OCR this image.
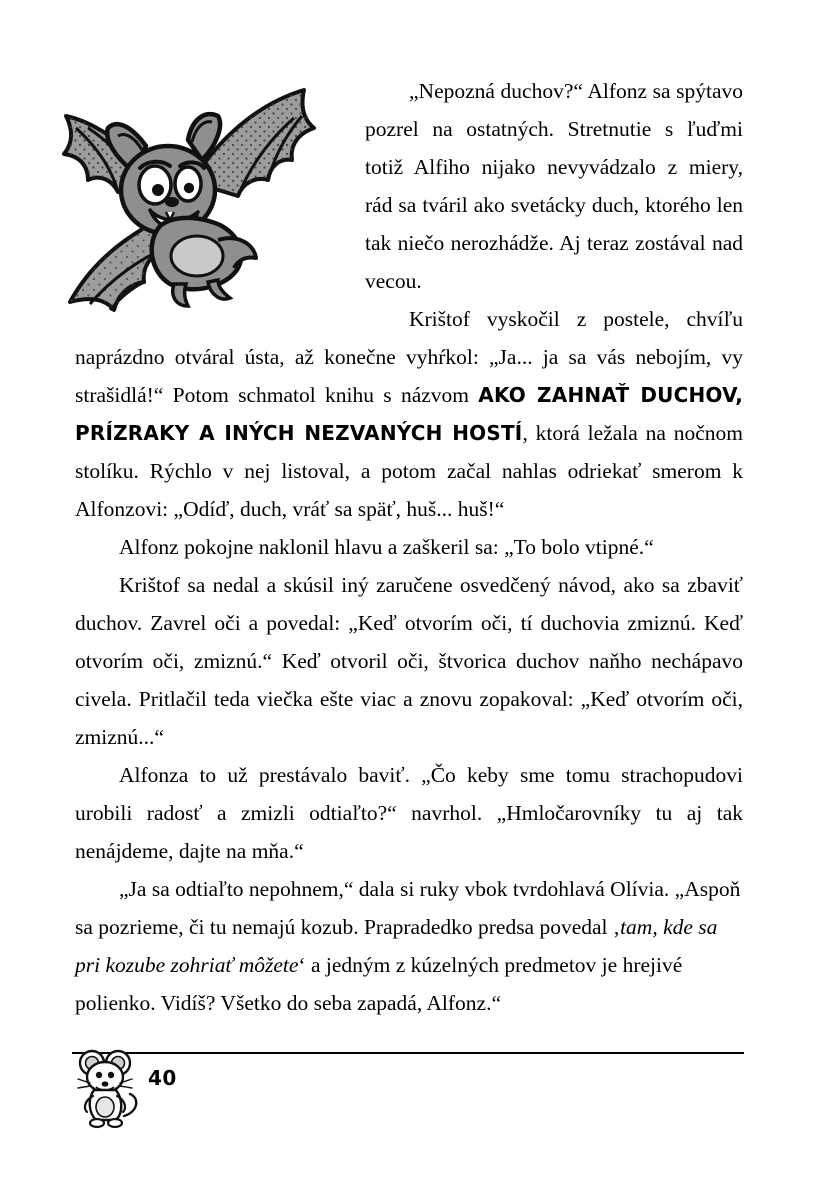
„Nepozná duchov?“ Alfonz sa spýtavo pozrel na ostatných. Stretnutie s ľuďmi totiž Alfiho nijako nevyvádzalo z miery, rád sa tváril ako svetácky duch, ktorého len tak niečo nerozhádže. Aj teraz zostával nad vecou.

Krištof vyskočil z postele, chvíľu naprázdno otváral ústa, až konečne vyhŕkol: „Ja... ja sa vás nebojím, vy strašidlá!“ Potom schmatol knihu s názvom AKO ZAHNAŤ DUCHOV, PRÍZRAKY A INÝCH NEZVANÝCH HOSTÍ, ktorá ležala na nočnom stolíku. Rýchlo v nej listoval, a potom začal nahlas odriekať smerom k Alfonzovi: „Odíď, duch, vráť sa späť, huš... huš!“

Alfonz pokojne naklonil hlavu a zaškeril sa: „To bolo vtipné.“

Krištof sa nedal a skúsil iný zaručene osvedčený návod, ako sa zbaviť duchov. Zavrel oči a povedal: „Keď otvorím oči, tí duchovia zmiznú. Keď otvorím oči, zmiznú.“ Keď otvoril oči, štvorica duchov naňho nechápavo civela. Pritlačil teda viečka ešte viac a znovu zopakoval: „Keď otvorím oči, zmiznú...“

Alfonza to už prestávalo baviť. „Čo keby sme tomu strachopudovi urobili radosť a zmizli odtiaľto?“ navrhol. „Hmločarovníky tu aj tak nenájdeme, dajte na mňa.“

„Ja sa odtiaľto nepohnem,“ dala si ruky vbok tvrdohlavá Olívia. „Aspoň sa pozrieme, či tu nemajú kozub. Prapradedko predsa povedal ‚tam, kde sa pri kozube zohriať môžete‘ a jedným z kúzelných predmetov je hrejivé polienko. Vidíš? Všetko do seba zapadá, Alfonz.“

40
